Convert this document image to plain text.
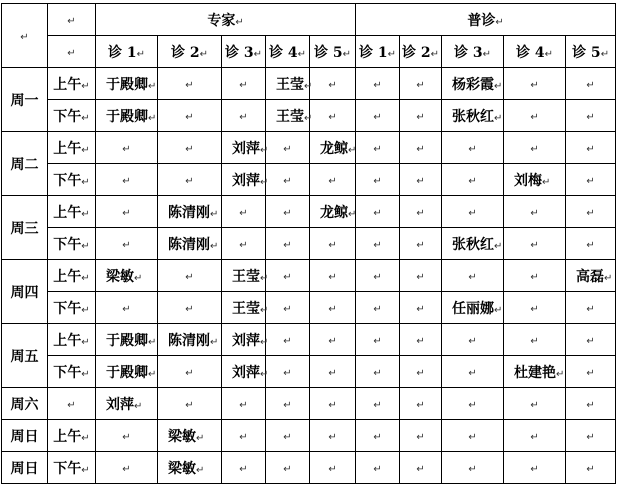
↵	↵	专家↵					普诊↵				
	↵	诊 1↵	诊 2↵	诊 3↵	诊 4↵	诊 5↵	诊 1↵	诊 2↵	诊 3↵	诊 4↵	诊 5↵
周一	上午↵	于殿卿↵	↵	↵	王莹↵	↵	↵	↵	杨彩霞↵	↵	↵
	下午↵	于殿卿↵	↵	↵	王莹↵	↵	↵	↵	张秋红↵	↵	↵
周二	上午↵	↵	↵	刘萍↵	↵	龙鲸↵	↵	↵	↵	↵	↵
	下午↵	↵	↵	刘萍↵	↵	↵	↵	↵	↵	刘梅↵	↵
周三	上午↵	↵	陈清刚↵	↵	↵	龙鲸↵	↵	↵	↵	↵	↵
	下午↵	↵	陈清刚↵	↵	↵	↵	↵	↵	张秋红↵	↵	↵
周四	上午↵	梁敏↵	↵	王莹↵	↵	↵	↵	↵	↵	↵	高磊↵
	下午↵	↵	↵	王莹↵	↵	↵	↵	↵	任丽娜↵	↵	↵
周五	上午↵	于殿卿↵	陈清刚↵	刘萍↵	↵	↵	↵	↵	↵	↵	↵
	下午↵	于殿卿↵	↵	刘萍↵	↵	↵	↵	↵	↵	杜建艳↵	↵
周六	↵	刘萍↵	↵	↵	↵	↵	↵	↵	↵	↵	↵
周日	上午↵	↵	梁敏↵	↵	↵	↵	↵	↵	↵	↵	↵
周日	下午↵	↵	梁敏↵	↵	↵	↵	↵	↵	↵	↵	↵
